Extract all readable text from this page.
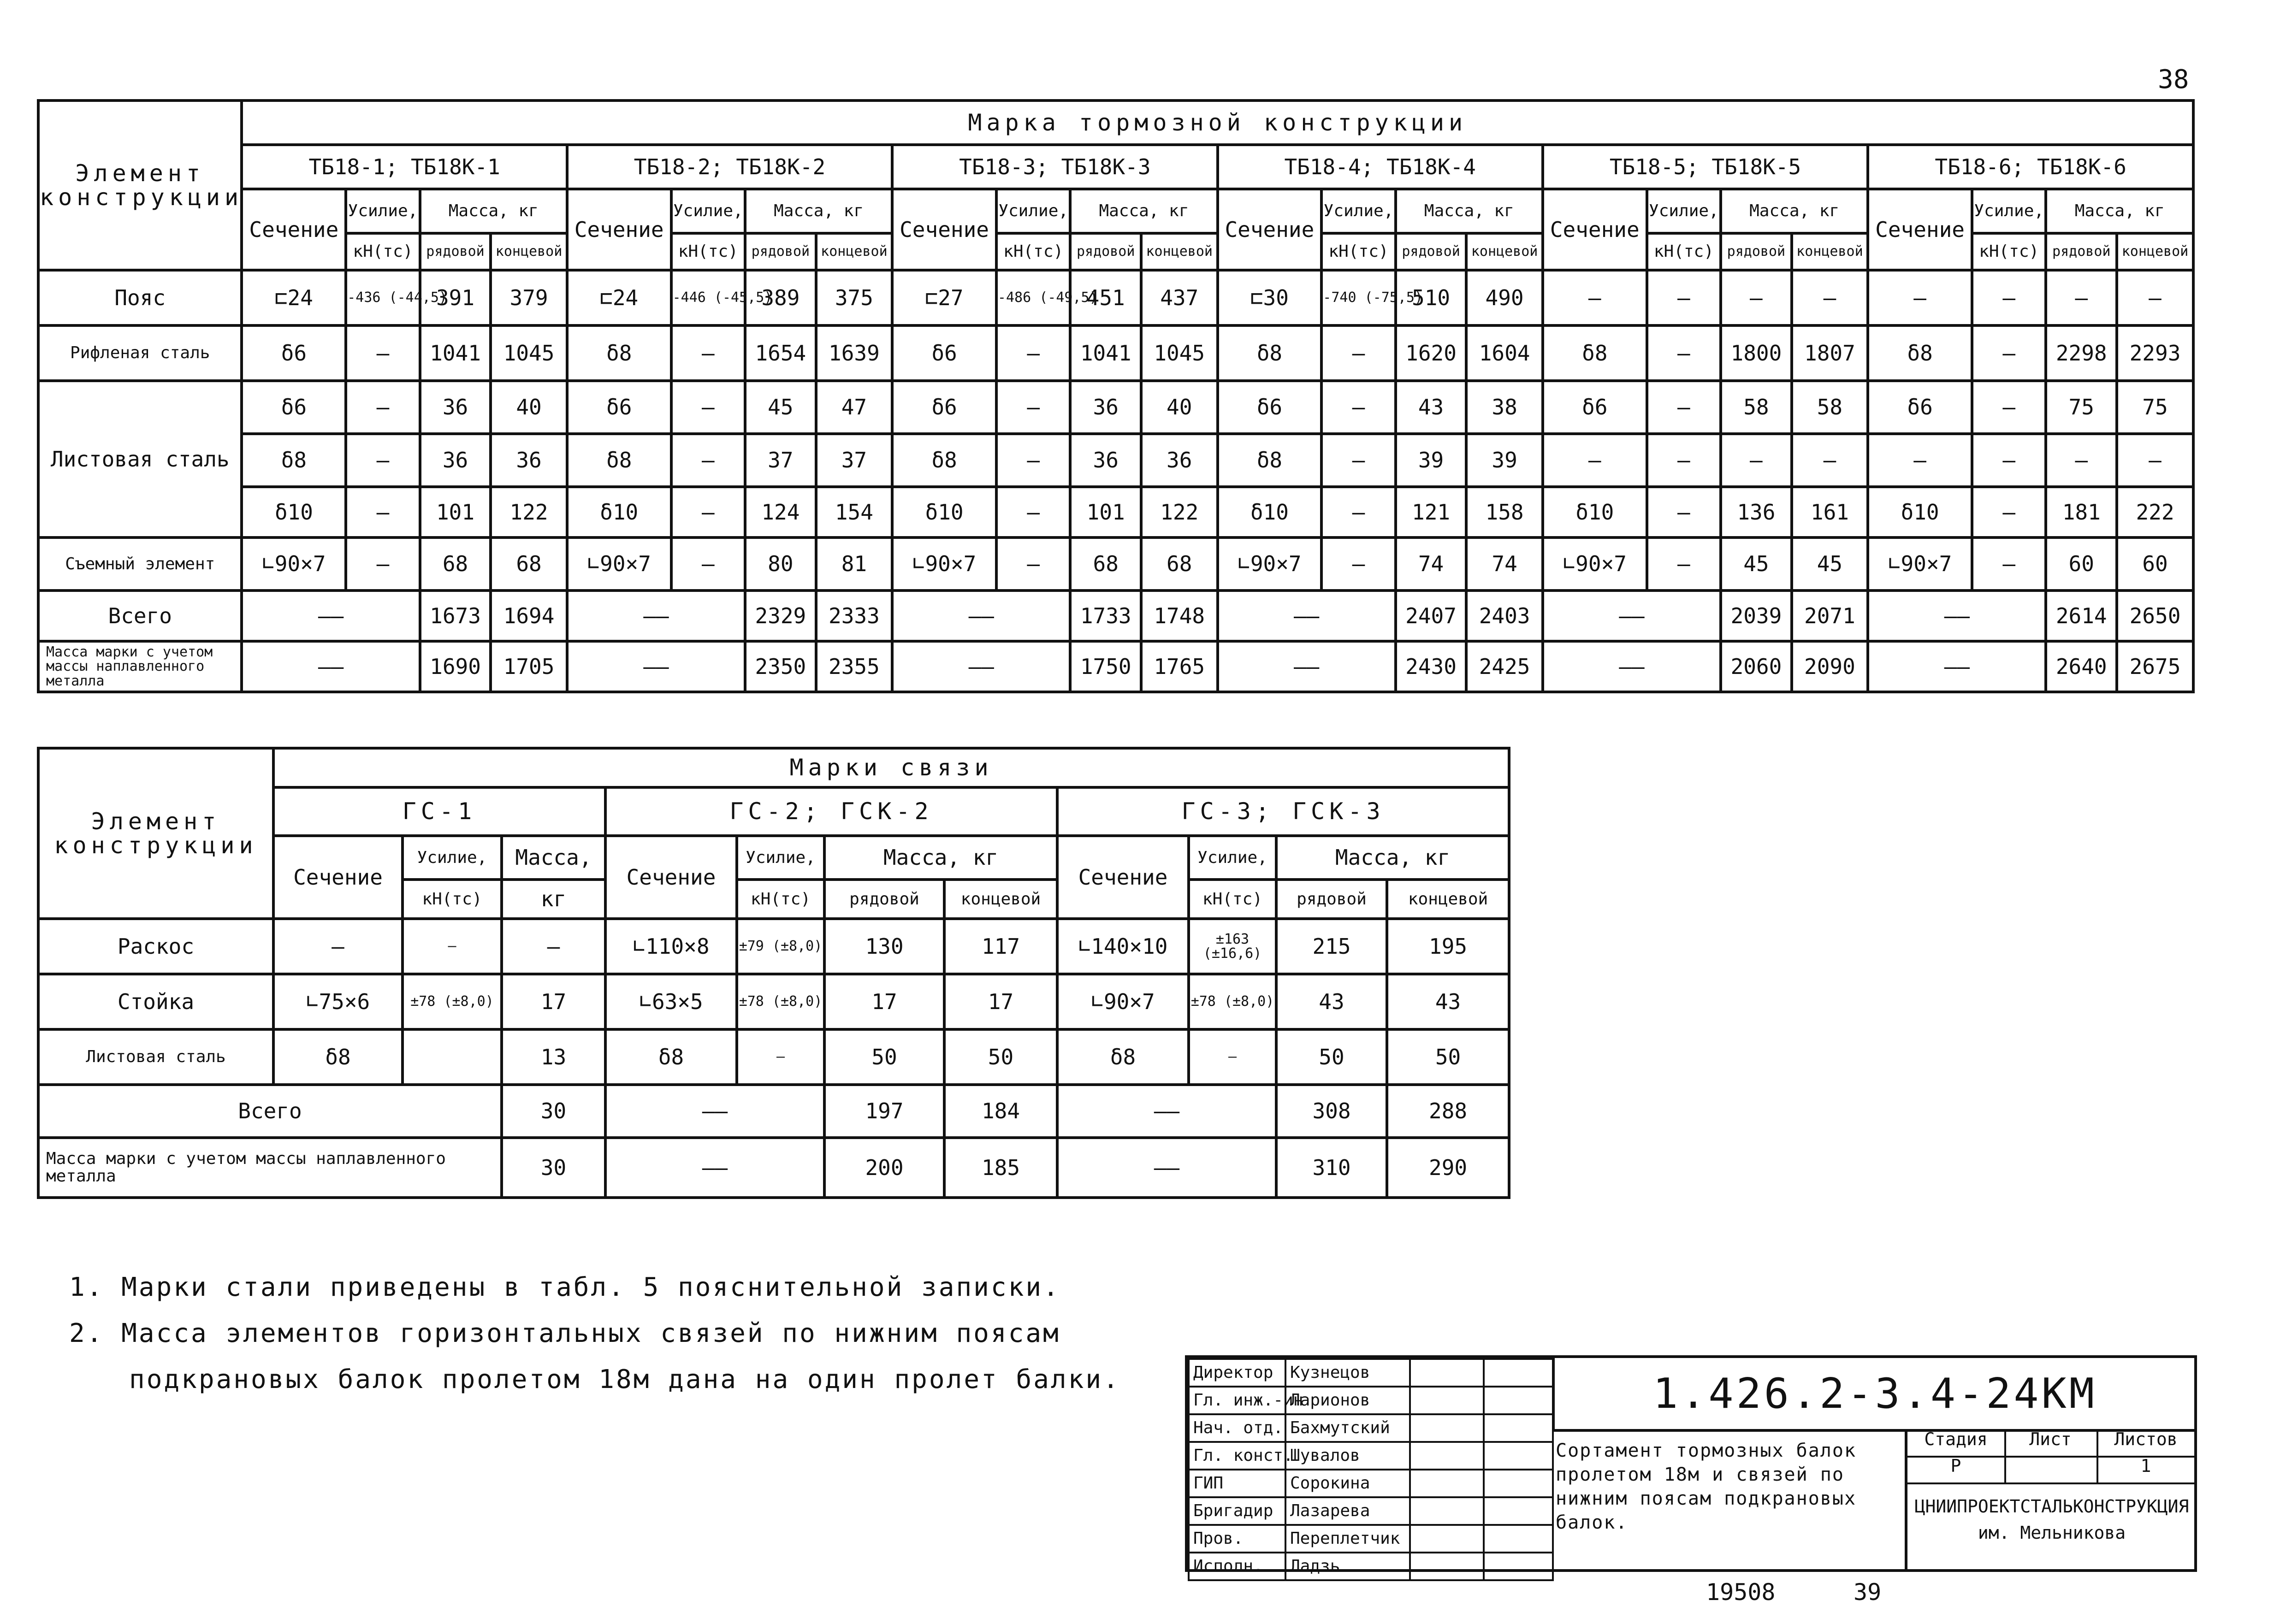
38
Элемент конструкции	Марка тормозной конструкции																							
	ТБ18-1; ТБ18К-1				ТБ18-2; ТБ18К-2				ТБ18-3; ТБ18К-3				ТБ18-4; ТБ18К-4				ТБ18-5; ТБ18К-5				ТБ18-6; ТБ18К-6			
	Сечение	Усилие,	Масса, кг		Сечение	Усилие,	Масса, кг		Сечение	Усилие,	Масса, кг		Сечение	Усилие,	Масса, кг		Сечение	Усилие,	Масса, кг		Сечение	Усилие,	Масса, кг	
		кН(тс)	рядовой	концевой		кН(тс)	рядовой	концевой		кН(тс)	рядовой	концевой		кН(тс)	рядовой	концевой		кН(тс)	рядовой	концевой		кН(тс)	рядовой	концевой
Пояс	⊏24	-436 (-44,5)	391	379	⊏24	-446 (-45,5)	389	375	⊏27	-486 (-49,5)	451	437	⊏30	-740 (-75,5)	510	490	—	—	—	—	—	—	—	—
Рифленая сталь	δ6	—	1041	1045	δ8	—	1654	1639	δ6	—	1041	1045	δ8	—	1620	1604	δ8	—	1800	1807	δ8	—	2298	2293
Листовая сталь	δ6	—	36	40	δ6	—	45	47	δ6	—	36	40	δ6	—	43	38	δ6	—	58	58	δ6	—	75	75
	δ8	—	36	36	δ8	—	37	37	δ8	—	36	36	δ8	—	39	39	—	—	—	—	—	—	—	—
	δ10	—	101	122	δ10	—	124	154	δ10	—	101	122	δ10	—	121	158	δ10	—	136	161	δ10	—	181	222
Съемный элемент	∟90×7	—	68	68	∟90×7	—	80	81	∟90×7	—	68	68	∟90×7	—	74	74	∟90×7	—	45	45	∟90×7	—	60	60
Всего	——		1673	1694	——		2329	2333	——		1733	1748	——		2407	2403	——		2039	2071	——		2614	2650
Масса марки с учетом массы наплавленного металла	——		1690	1705	——		2350	2355	——		1750	1765	——		2430	2425	——		2060	2090	——		2640	2675
Элемент конструкции	Марки связи										
	ГС-1			ГС-2; ГСК-2				ГС-3; ГСК-3			
	Сечение	Усилие,	Масса,	Сечение	Усилие,	Масса, кг		Сечение	Усилие,	Масса, кг	
		кН(тс)	кг		кН(тс)	рядовой	концевой		кН(тс)	рядовой	концевой
Раскос	—	—	—	∟110×8	±79 (±8,0)	130	117	∟140×10	±163 (±16,6)	215	195
Стойка	∟75×6	±78 (±8,0)	17	∟63×5	±78 (±8,0)	17	17	∟90×7	±78 (±8,0)	43	43
Листовая сталь	δ8		13	δ8	—	50	50	δ8	—	50	50
Всего			30	——		197	184	——		308	288
Масса марки с учетом массы наплавленного металла			30	——		200	185	——		310	290
1. Марки стали приведены в табл. 5 пояснительной записки.
2. Масса элементов горизонтальных связей по нижним поясам
подкрановых балок пролетом 18м дана на один пролет балки.	Директор	Кузнецов		
Гл. инж.-ин	Ларионов		
Нач. отд.	Бахмутский		
Гл. конст.	Шувалов		
ГИП	Сорокина		
Бригадир	Лазарева		
Пров.	Переплетчик		
Исполн.	Ладзь		
1.426.2-3.4-24КМ
Сортамент тормозных балок пролетом 18м и связей по нижним поясам подкрановых балок.
Стадия	Лист	Листов
Р	1
ЦНИИПРОЕКТСТАЛЬКОНСТРУКЦИЯ им. Мельникова
19508	39
